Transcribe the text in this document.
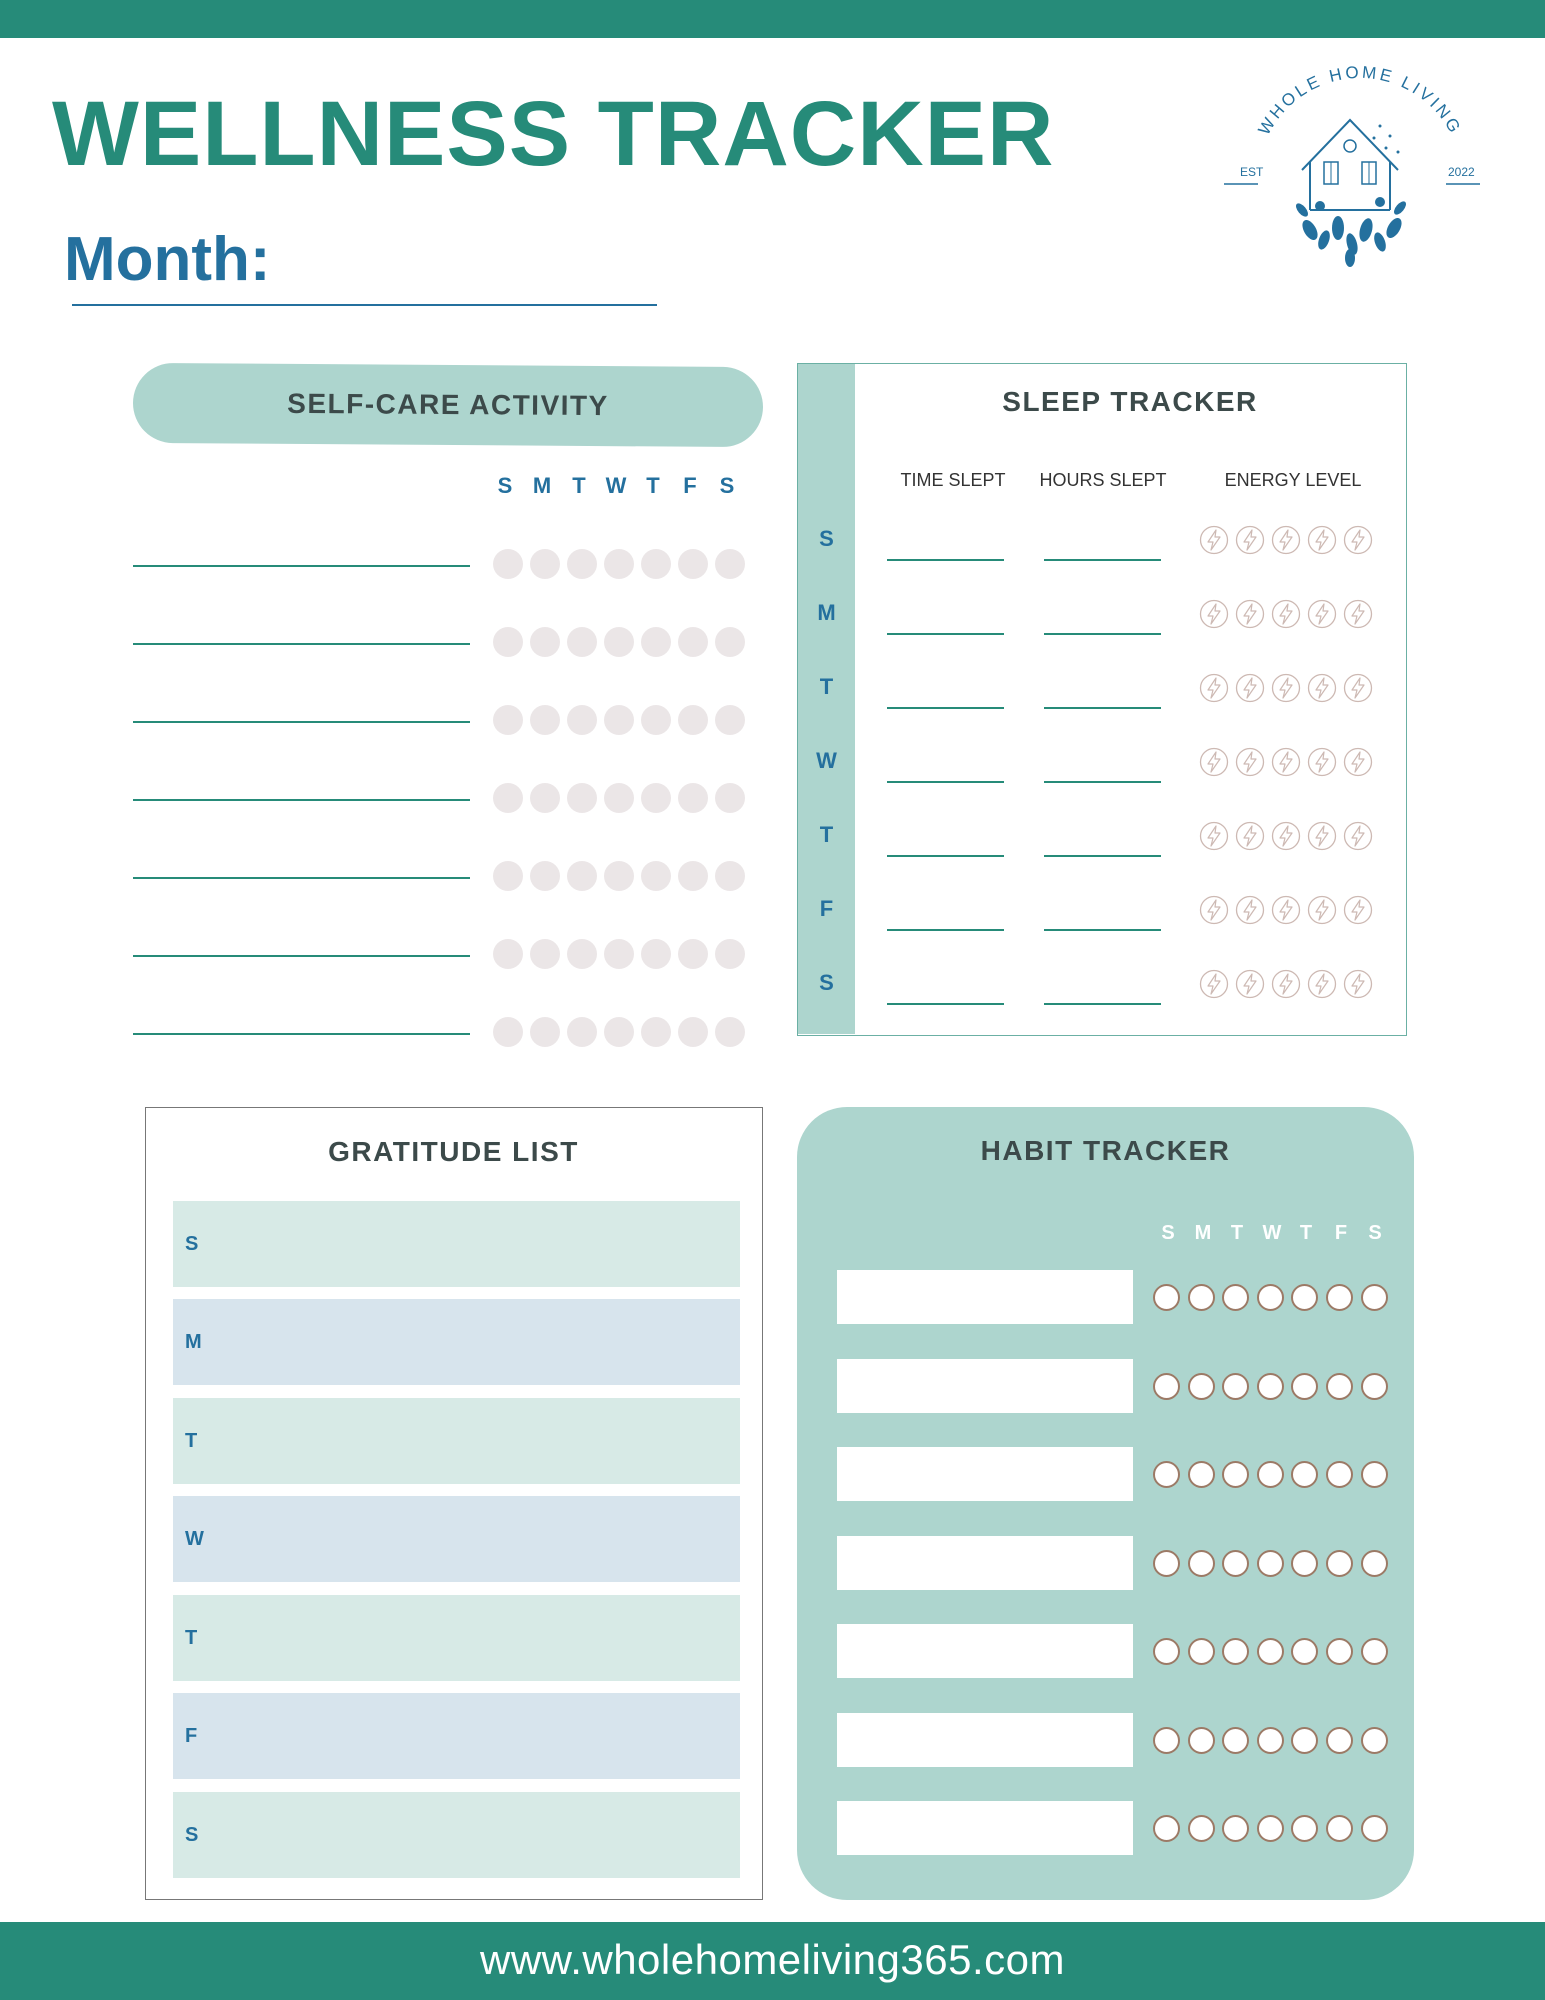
WELLNESS TRACKER
Month:
WHOLE HOME LIVING
EST	2022
SELF-CARE ACTIVITY
S M T W T	F	S
SLEEP TRACKER
TIME SLEPT	HOURS SLEPT	ENERGY LEVEL
S
M
T
W
T
F
S
GRATITUDE LIST
S
M
T
W
T
F
S
HABIT TRACKER
S M T W T	F	S
www.wholehomeliving365.com
